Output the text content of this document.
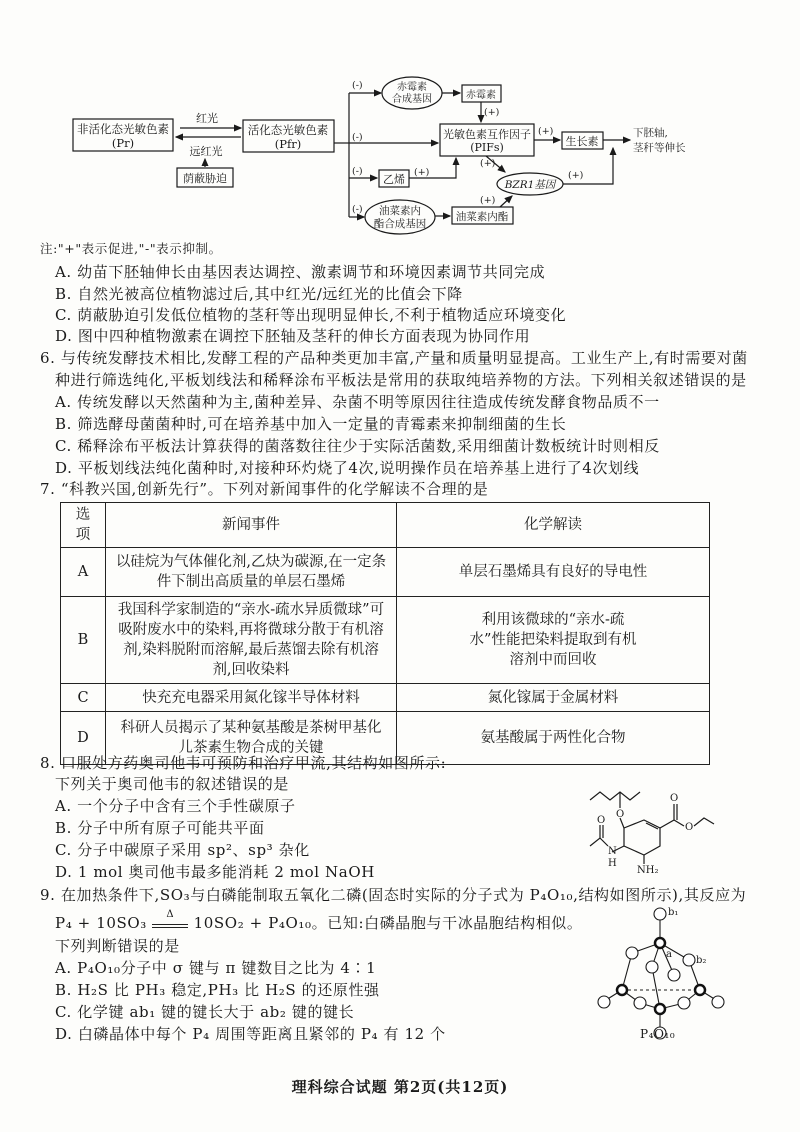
非活化态光敏色素(Pr)
活化态光敏色素(Pfr)
红光
远红光
荫蔽胁迫
赤霉素合成基因	赤霉素
光敏色素互作因子(PIFs)	生长素
下胚轴,茎秆等伸长
乙烯	BZR1基因
油菜素内酯合成基因
油菜素内酯
(-)
(-)
(-)
(-)
(+)
(+)
(+)
(+)
(+)
(+)
注:"+"表示促进,"-"表示抑制。
A. 幼苗下胚轴伸长由基因表达调控、激素调节和环境因素调节共同完成
B. 自然光被高位植物滤过后,其中红光/远红光的比值会下降
C. 荫蔽胁迫引发低位植物的茎秆等出现明显伸长,不利于植物适应环境变化
D. 图中四种植物激素在调控下胚轴及茎秆的伸长方面表现为协同作用
6. 与传统发酵技术相比,发酵工程的产品种类更加丰富,产量和质量明显提高。工业生产上,有时需要对菌
种进行筛选纯化,平板划线法和稀释涂布平板法是常用的获取纯培养物的方法。下列相关叙述错误的是
A. 传统发酵以天然菌种为主,菌种差异、杂菌不明等原因往往造成传统发酵食物品质不一
B. 筛选酵母菌菌种时,可在培养基中加入一定量的青霉素来抑制细菌的生长
C. 稀释涂布平板法计算获得的菌落数往往少于实际活菌数,采用细菌计数板统计时则相反
D. 平板划线法纯化菌种时,对接种环灼烧了4次,说明操作员在培养基上进行了4次划线
7. “科教兴国,创新先行”。下列对新闻事件的化学解读不合理的是
选项	新闻事件	化学解读
A	以硅烷为气体催化剂,乙炔为碳源,在一定条件下制出高质量的单层石墨烯	单层石墨烯具有良好的导电性
B	我国科学家制造的“亲水-疏水异质微球”可吸附废水中的染料,再将微球分散于有机溶剂,染料脱附而溶解,最后蒸馏去除有机溶剂,回收染料	利用该微球的“亲水-疏水”性能把染料提取到有机溶剂中而回收
C	快充充电器采用氮化镓半导体材料	氮化镓属于金属材料
D	科研人员揭示了某种氨基酸是茶树甲基化儿茶素生物合成的关键	氨基酸属于两性化合物
8. 口服处方药奥司他韦可预防和治疗甲流,其结构如图所示:
下列关于奥司他韦的叙述错误的是
A. 一个分子中含有三个手性碳原子
B. 分子中所有原子可能共平面
C. 分子中碳原子采用 sp²、sp³ 杂化
D. 1 mol 奥司他韦最多能消耗 2 mol NaOH
O
O
O
O
N
H
NH₂
9. 在加热条件下,SO₃与白磷能制取五氧化二磷(固态时实际的分子式为 P₄O₁₀,结构如图所示),其反应为
P₄ + 10SO₃	Δ	10SO₂ + P₄O₁₀。已知:白磷晶胞与干冰晶胞结构相似。
下列判断错误的是
A. P₄O₁₀分子中 σ 键与 π 键数目之比为 4∶1
B. H₂S 比 PH₃ 稳定,PH₃ 比 H₂S 的还原性强
C. 化学键 ab₁ 键的键长大于 ab₂ 键的键长
D. 白磷晶体中每个 P₄ 周围等距离且紧邻的 P₄ 有 12 个
b₁
a
b₂
P₄O₁₀
理科综合试题 第2页(共12页)
